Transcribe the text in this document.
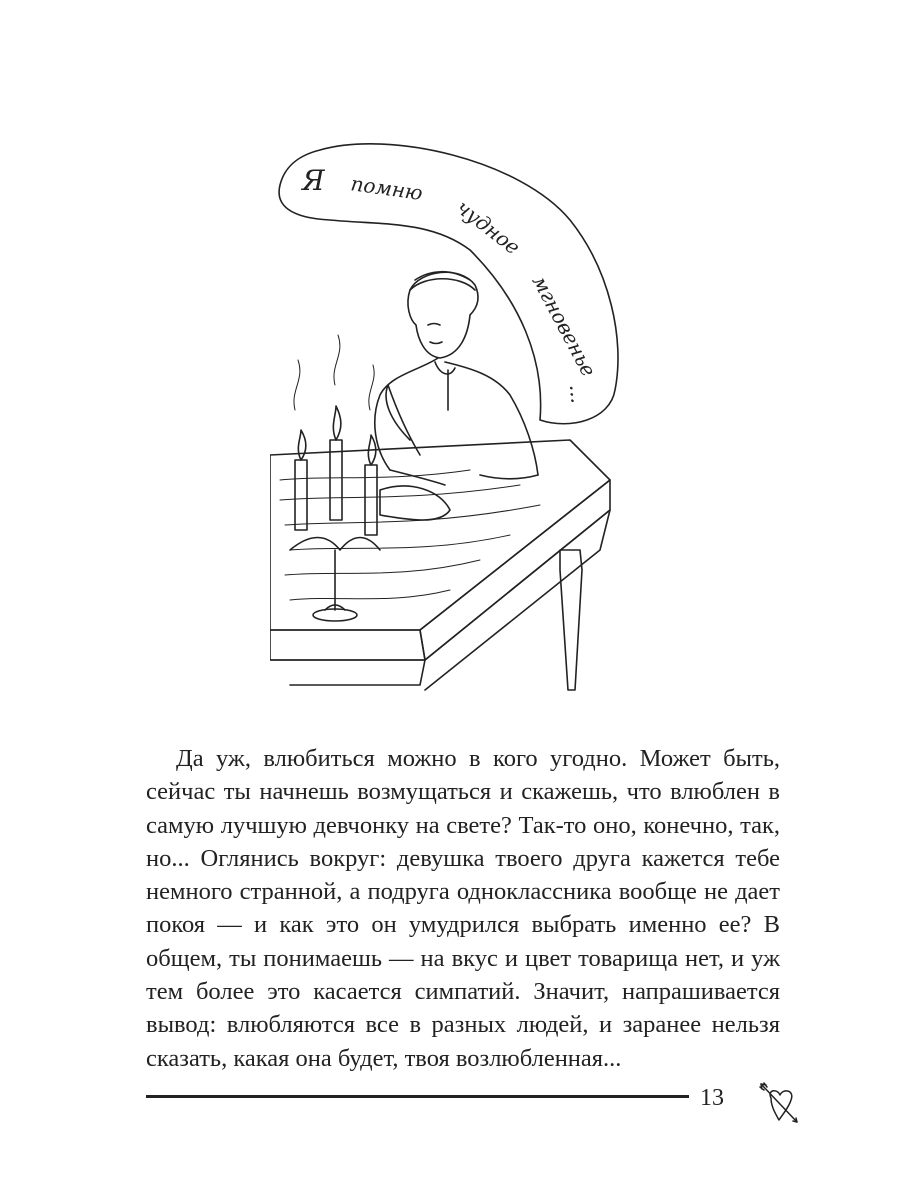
Я помню
чудное
мгновенье
...

Да уж, влюбиться можно в кого угодно. Может быть, сейчас ты начнешь возмущаться и скажешь, что влюблен в самую лучшую девчонку на свете? Так-то оно, конечно, так, но... Оглянись вокруг: девушка твоего друга кажется тебе немного странной, а подруга одноклассника вообще не дает покоя — и как это он умудрился выбрать именно ее? В общем, ты понимаешь — на вкус и цвет товарища нет, и уж тем более это касается симпатий. Значит, напрашивается вывод: влюбляются все в разных людей, и заранее нельзя сказать, какая она будет, твоя возлюбленная...

13
